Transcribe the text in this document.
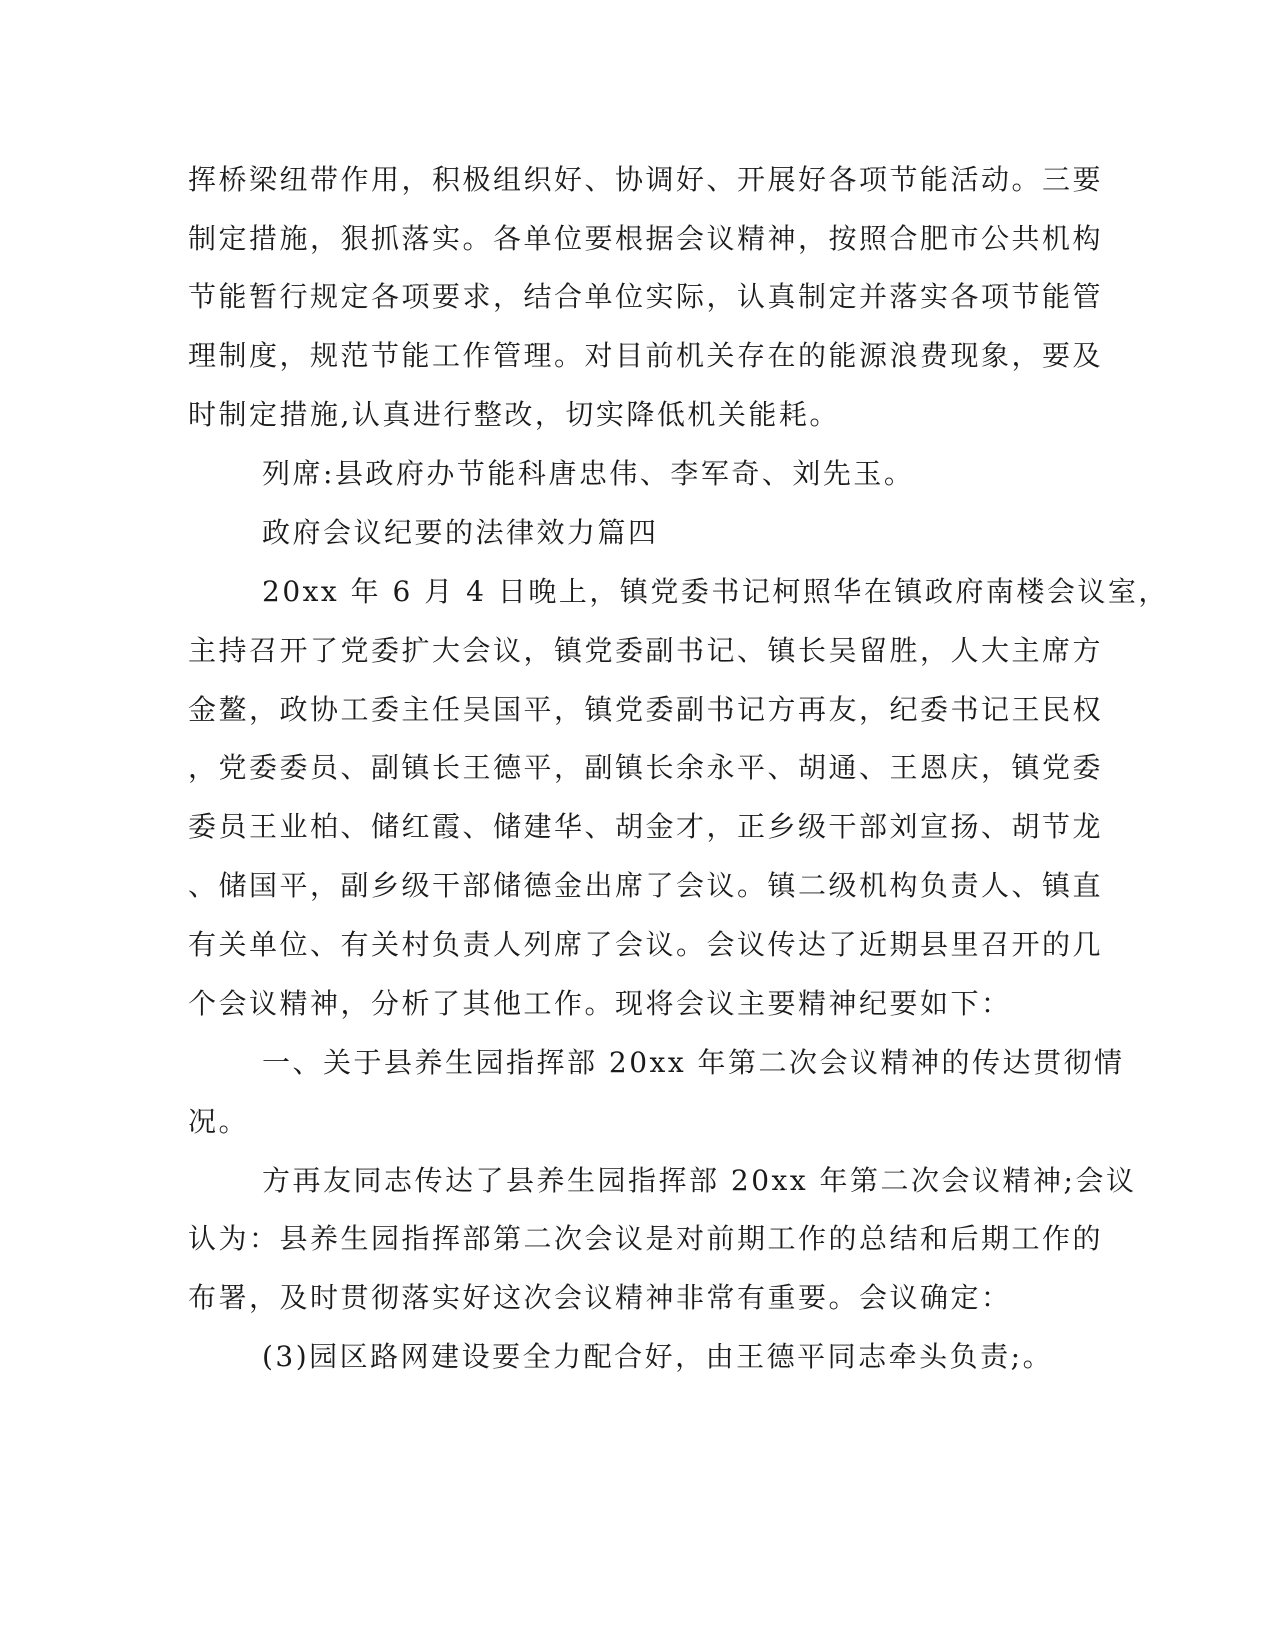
挥桥梁纽带作用，积极组织好、协调好、开展好各项节能活动。三要
制定措施，狠抓落实。各单位要根据会议精神，按照合肥市公共机构
节能暂行规定各项要求，结合单位实际，认真制定并落实各项节能管
理制度，规范节能工作管理。对目前机关存在的能源浪费现象，要及
时制定措施,认真进行整改，切实降低机关能耗。
列席:县政府办节能科唐忠伟、李军奇、刘先玉。
政府会议纪要的法律效力篇四
20xx 年 6 月 4 日晚上，镇党委书记柯照华在镇政府南楼会议室，
主持召开了党委扩大会议，镇党委副书记、镇长吴留胜，人大主席方
金鳌，政协工委主任吴国平，镇党委副书记方再友，纪委书记王民权
，党委委员、副镇长王德平，副镇长余永平、胡通、王恩庆，镇党委
委员王业柏、储红霞、储建华、胡金才，正乡级干部刘宣扬、胡节龙
、储国平，副乡级干部储德金出席了会议。镇二级机构负责人、镇直
有关单位、有关村负责人列席了会议。会议传达了近期县里召开的几
个会议精神，分析了其他工作。现将会议主要精神纪要如下：
一、关于县养生园指挥部 20xx 年第二次会议精神的传达贯彻情
况。
方再友同志传达了县养生园指挥部 20xx 年第二次会议精神;会议
认为：县养生园指挥部第二次会议是对前期工作的总结和后期工作的
布署，及时贯彻落实好这次会议精神非常有重要。会议确定：
(3)园区路网建设要全力配合好，由王德平同志牵头负责;。
